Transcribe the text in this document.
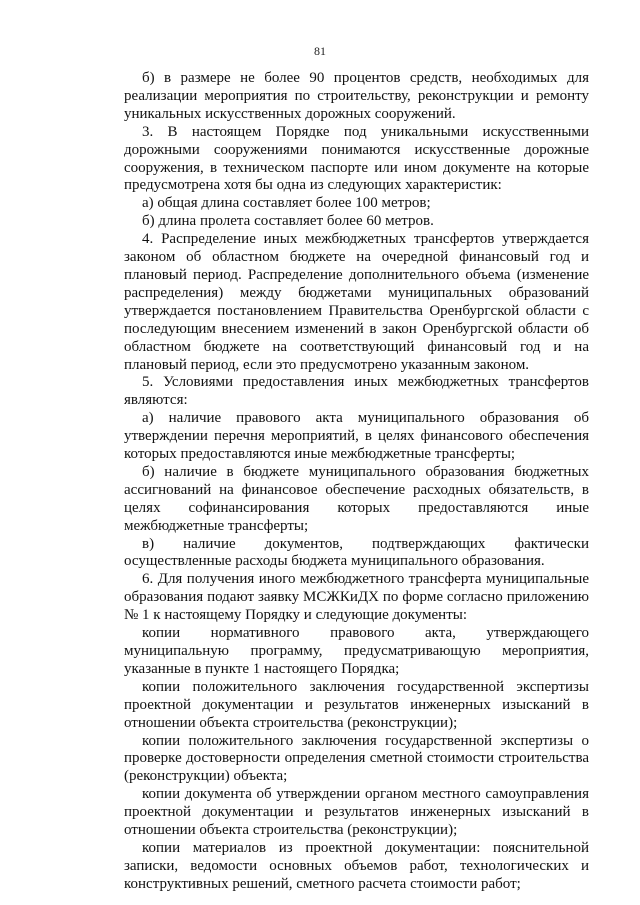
81

б) в размере не более 90 процентов средств, необходимых для реализации мероприятия по строительству, реконструкции и ремонту уникальных искусственных дорожных сооружений.

3. В настоящем Порядке под уникальными искусственными дорожными сооружениями понимаются искусственные дорожные сооружения, в техническом паспорте или ином документе на которые предусмотрена хотя бы одна из следующих характеристик:

а) общая длина составляет более 100 метров;

б) длина пролета составляет более 60 метров.

4. Распределение иных межбюджетных трансфертов утверждается законом об областном бюджете на очередной финансовый год и плановый период. Распределение дополнительного объема (изменение распределения) между бюджетами муниципальных образований утверждается постановлением Правительства Оренбургской области с последующим внесением изменений в закон Оренбургской области об областном бюджете на соответствующий финансовый год и на плановый период, если это предусмотрено указанным законом.

5. Условиями предоставления иных межбюджетных трансфертов являются:

а) наличие правового акта муниципального образования об утверждении перечня мероприятий, в целях финансового обеспечения которых предоставляются иные межбюджетные трансферты;

б) наличие в бюджете муниципального образования бюджетных ассигнований на финансовое обеспечение расходных обязательств, в целях софинансирования которых предоставляются иные межбюджетные трансферты;

в) наличие документов, подтверждающих фактически осуществленные расходы бюджета муниципального образования.

6. Для получения иного межбюджетного трансферта муниципальные образования подают заявку МСЖКиДХ по форме согласно приложению № 1 к настоящему Порядку и следующие документы:

копии нормативного правового акта, утверждающего муниципальную программу, предусматривающую мероприятия, указанные в пункте 1 настоящего Порядка;

копии положительного заключения государственной экспертизы проектной документации и результатов инженерных изысканий в отношении объекта строительства (реконструкции);

копии положительного заключения государственной экспертизы о проверке достоверности определения сметной стоимости строительства (реконструкции) объекта;

копии документа об утверждении органом местного самоуправления проектной документации и результатов инженерных изысканий в отношении объекта строительства (реконструкции);

копии материалов из проектной документации: пояснительной записки, ведомости основных объемов работ, технологических и конструктивных решений, сметного расчета стоимости работ;
